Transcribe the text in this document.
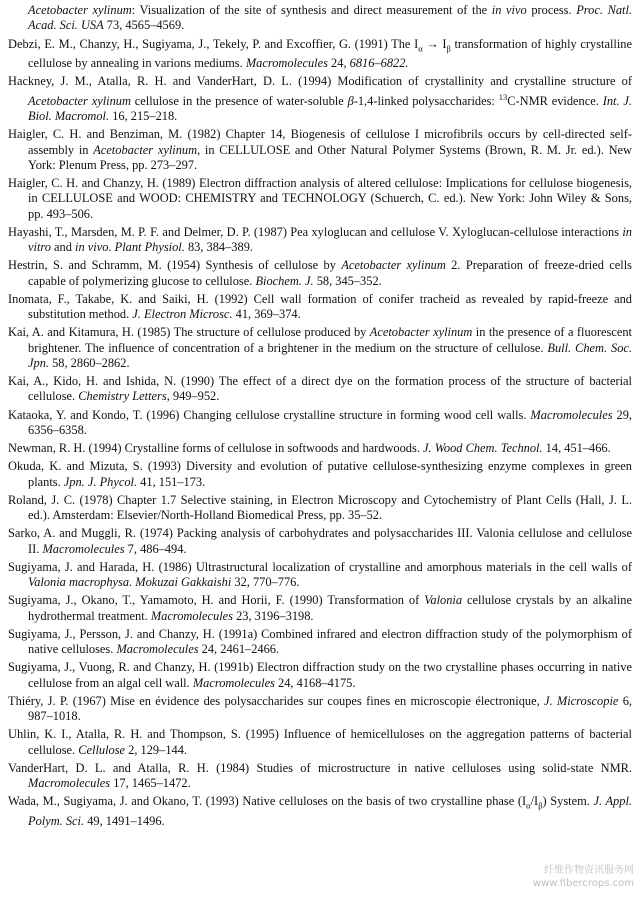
Acetobacter xylinum: Visualization of the site of synthesis and direct measurement of the in vivo process. Proc. Natl. Acad. Sci. USA 73, 4565–4569.

Debzi, E. M., Chanzy, H., Sugiyama, J., Tekely, P. and Excoffier, G. (1991) The $I_\alpha \to I_\beta$ transformation of highly crystalline cellulose by annealing in varions mediums. Macromolecules 24, 6816–6822.

Hackney, J. M., Atalla, R. H. and VanderHart, D. L. (1994) Modification of crystallinity and crystalline structure of Acetobacter xylinum cellulose in the presence of water-soluble β-1,4-linked polysaccharides: $^{13}$C-NMR evidence. Int. J. Biol. Macromol. 16, 215–218.

Haigler, C. H. and Benziman, M. (1982) Chapter 14, Biogenesis of cellulose I microfibrils occurs by cell-directed self-assembly in Acetobacter xylinum, in CELLULOSE and Other Natural Polymer Systems (Brown, R. M. Jr. ed.). New York: Plenum Press, pp. 273–297.

Haigler, C. H. and Chanzy, H. (1989) Electron diffraction analysis of altered cellulose: Implications for cellulose biogenesis, in CELLULOSE and WOOD: CHEMISTRY and TECHNOLOGY (Schuerch, C. ed.). New York: John Wiley & Sons, pp. 493–506.

Hayashi, T., Marsden, M. P. F. and Delmer, D. P. (1987) Pea xyloglucan and cellulose V. Xyloglucan-cellulose interactions in vitro and in vivo. Plant Physiol. 83, 384–389.

Hestrin, S. and Schramm, M. (1954) Synthesis of cellulose by Acetobacter xylinum 2. Preparation of freeze-dried cells capable of polymerizing glucose to cellulose. Biochem. J. 58, 345–352.

Inomata, F., Takabe, K. and Saiki, H. (1992) Cell wall formation of conifer tracheid as revealed by rapid-freeze and substitution method. J. Electron Microsc. 41, 369–374.

Kai, A. and Kitamura, H. (1985) The structure of cellulose produced by Acetobacter xylinum in the presence of a fluorescent brightener. The influence of concentration of a brightener in the medium on the structure of cellulose. Bull. Chem. Soc. Jpn. 58, 2860–2862.

Kai, A., Kido, H. and Ishida, N. (1990) The effect of a direct dye on the formation process of the structure of bacterial cellulose. Chemistry Letters, 949–952.

Kataoka, Y. and Kondo, T. (1996) Changing cellulose crystalline structure in forming wood cell walls. Macromolecules 29, 6356–6358.

Newman, R. H. (1994) Crystalline forms of cellulose in softwoods and hardwoods. J. Wood Chem. Technol. 14, 451–466.

Okuda, K. and Mizuta, S. (1993) Diversity and evolution of putative cellulose-synthesizing enzyme complexes in green plants. Jpn. J. Phycol. 41, 151–173.

Roland, J. C. (1978) Chapter 1.7 Selective staining, in Electron Microscopy and Cytochemistry of Plant Cells (Hall, J. L. ed.). Amsterdam: Elsevier/North-Holland Biomedical Press, pp. 35–52.

Sarko, A. and Muggli, R. (1974) Packing analysis of carbohydrates and polysaccharides III. Valonia cellulose and cellulose II. Macromolecules 7, 486–494.

Sugiyama, J. and Harada, H. (1986) Ultrastructural localization of crystalline and amorphous materials in the cell walls of Valonia macrophysa. Mokuzai Gakkaishi 32, 770–776.

Sugiyama, J., Okano, T., Yamamoto, H. and Horii, F. (1990) Transformation of Valonia cellulose crystals by an alkaline hydrothermal treatment. Macromolecules 23, 3196–3198.

Sugiyama, J., Persson, J. and Chanzy, H. (1991a) Combined infrared and electron diffraction study of the polymorphism of native celluloses. Macromolecules 24, 2461–2466.

Sugiyama, J., Vuong, R. and Chanzy, H. (1991b) Electron diffraction study on the two crystalline phases occurring in native cellulose from an algal cell wall. Macromolecules 24, 4168–4175.

Thiéry, J. P. (1967) Mise en évidence des polysaccharides sur coupes fines en microscopie électronique, J. Microscopie 6, 987–1018.

Uhlin, K. I., Atalla, R. H. and Thompson, S. (1995) Influence of hemicelluloses on the aggregation patterns of bacterial cellulose. Cellulose 2, 129–144.

VanderHart, D. L. and Atalla, R. H. (1984) Studies of microstructure in native celluloses using solid-state NMR. Macromolecules 17, 1465–1472.

Wada, M., Sugiyama, J. and Okano, T. (1993) Native celluloses on the basis of two crystalline phase $(I_\alpha/I_\beta)$ System. J. Appl. Polym. Sci. 49, 1491–1496.

纤维作物资讯服务网
www.fibercrops.com
